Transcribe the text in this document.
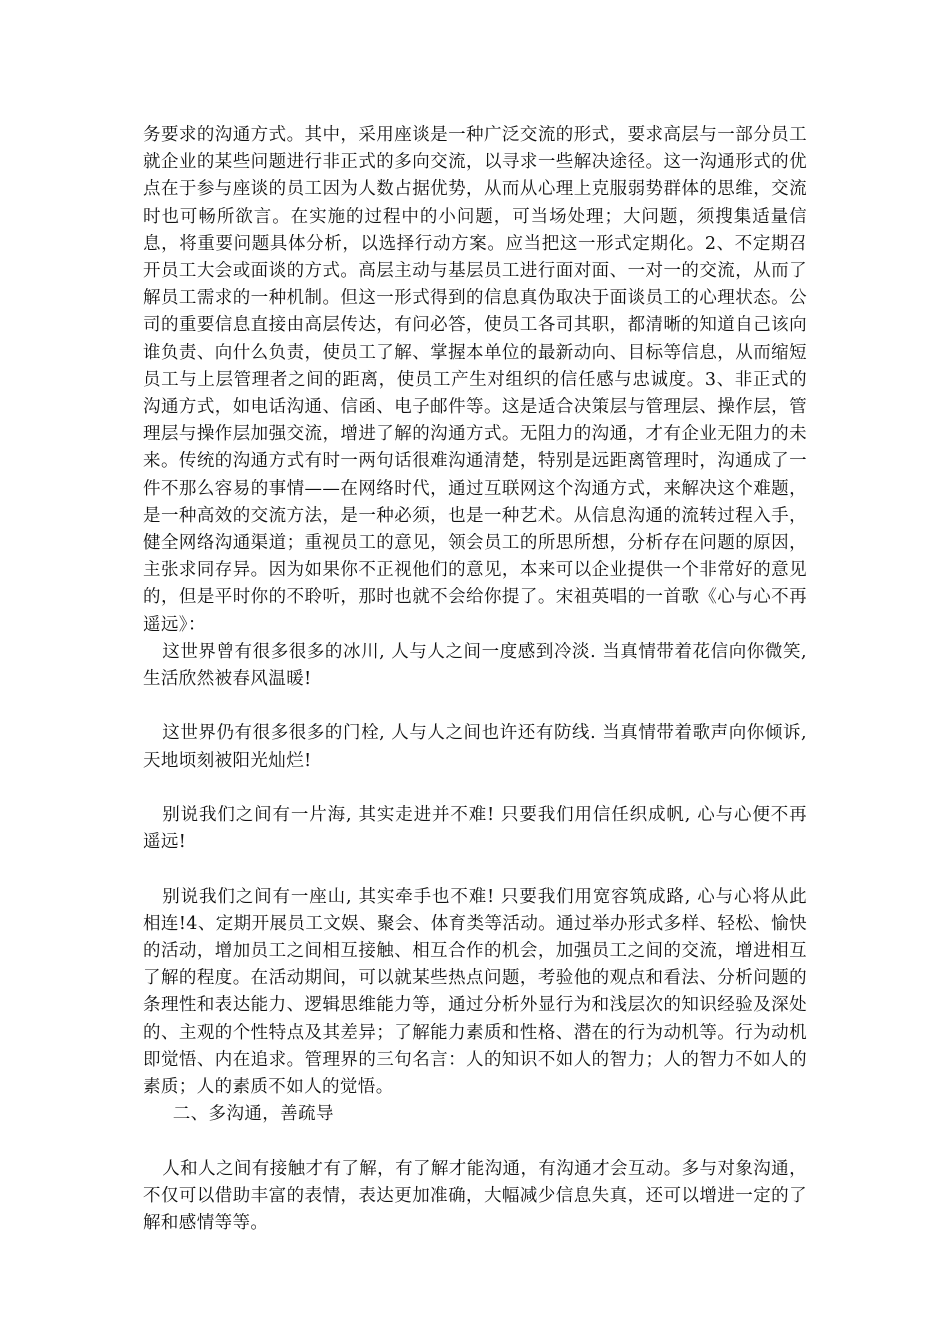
务要求的沟通方式。其中，采用座谈是一种广泛交流的形式，要求高层与一部分员工就企业的某些问题进行非正式的多向交流，以寻求一些解决途径。这一沟通形式的优点在于参与座谈的员工因为人数占据优势，从而从心理上克服弱势群体的思维，交流时也可畅所欲言。在实施的过程中的小问题，可当场处理；大问题，须搜集适量信息，将重要问题具体分析，以选择行动方案。应当把这一形式定期化。2、不定期召开员工大会或面谈的方式。高层主动与基层员工进行面对面、一对一的交流，从而了解员工需求的一种机制。但这一形式得到的信息真伪取决于面谈员工的心理状态。公司的重要信息直接由高层传达，有问必答，使员工各司其职，都清晰的知道自己该向谁负责、向什么负责，使员工了解、掌握本单位的最新动向、目标等信息，从而缩短员工与上层管理者之间的距离，使员工产生对组织的信任感与忠诚度。3、非正式的沟通方式，如电话沟通、信函、电子邮件等。这是适合决策层与管理层、操作层，管理层与操作层加强交流，增进了解的沟通方式。无阻力的沟通，才有企业无阻力的未来。传统的沟通方式有时一两句话很难沟通清楚，特别是远距离管理时，沟通成了一件不那么容易的事情——在网络时代，通过互联网这个沟通方式，来解决这个难题，是一种高效的交流方法，是一种必须，也是一种艺术。从信息沟通的流转过程入手，健全网络沟通渠道；重视员工的意见，领会员工的所思所想，分析存在问题的原因，主张求同存异。因为如果你不正视他们的意见，本来可以企业提供一个非常好的意见的，但是平时你的不聆听，那时也就不会给你提了。宋祖英唱的一首歌《心与心不再遥远》：

这世界曾有很多很多的冰川, 人与人之间一度感到冷淡. 当真情带着花信向你微笑, 生活欣然被春风温暖!

这世界仍有很多很多的门栓, 人与人之间也许还有防线. 当真情带着歌声向你倾诉, 天地顷刻被阳光灿烂!

别说我们之间有一片海, 其实走进并不难! 只要我们用信任织成帆, 心与心便不再遥远!

别说我们之间有一座山, 其实牵手也不难! 只要我们用宽容筑成路, 心与心将从此相连!4、定期开展员工文娱、聚会、体育类等活动。通过举办形式多样、轻松、愉快的活动，增加员工之间相互接触、相互合作的机会，加强员工之间的交流，增进相互了解的程度。在活动期间，可以就某些热点问题，考验他的观点和看法、分析问题的条理性和表达能力、逻辑思维能力等，通过分析外显行为和浅层次的知识经验及深处的、主观的个性特点及其差异；了解能力素质和性格、潜在的行为动机等。行为动机即觉悟、内在追求。管理界的三句名言：人的知识不如人的智力；人的智力不如人的素质；人的素质不如人的觉悟。

二、多沟通，善疏导

人和人之间有接触才有了解，有了解才能沟通，有沟通才会互动。多与对象沟通，不仅可以借助丰富的表情，表达更加准确，大幅减少信息失真，还可以增进一定的了解和感情等等。
